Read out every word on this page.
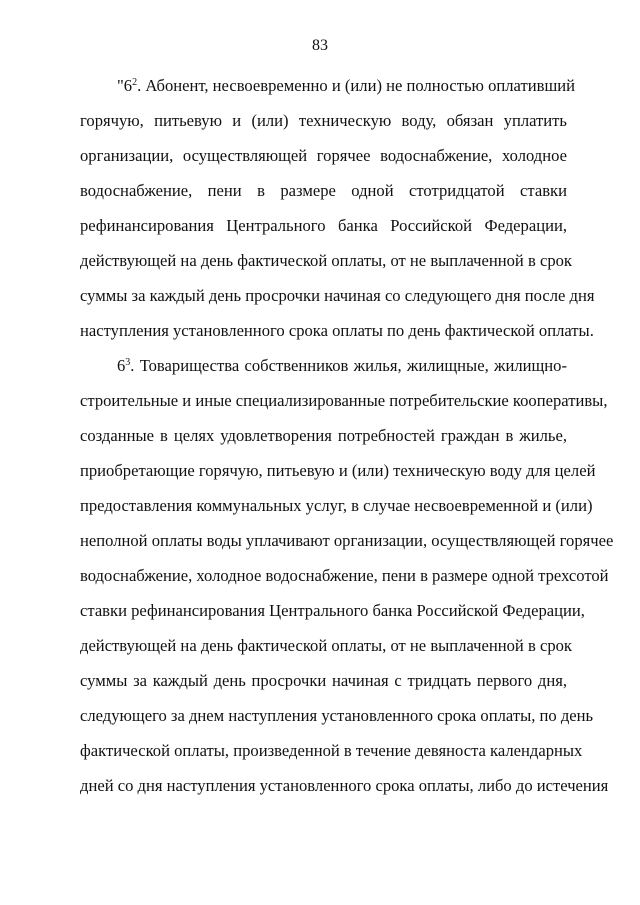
83
"$6^2$. Абонент, несвоевременно и (или) не полностью оплативший
горячую, питьевую и (или) техническую воду, обязан уплатить
организации, осуществляющей горячее водоснабжение, холодное
водоснабжение, пени в размере одной стотридцатой ставки
рефинансирования Центрального банка Российской Федерации,
действующей на день фактической оплаты, от не выплаченной в срок
суммы за каждый день просрочки начиная со следующего дня после дня
наступления установленного срока оплаты по день фактической оплаты.
$6^3$. Товарищества собственников жилья, жилищные, жилищно-
строительные и иные специализированные потребительские кооперативы,
созданные в целях удовлетворения потребностей граждан в жилье,
приобретающие горячую, питьевую и (или) техническую воду для целей
предоставления коммунальных услуг, в случае несвоевременной и (или)
неполной оплаты воды уплачивают организации, осуществляющей горячее
водоснабжение, холодное водоснабжение, пени в размере одной трехсотой
ставки рефинансирования Центрального банка Российской Федерации,
действующей на день фактической оплаты, от не выплаченной в срок
суммы за каждый день просрочки начиная с тридцать первого дня,
следующего за днем наступления установленного срока оплаты, по день
фактической оплаты, произведенной в течение девяноста календарных
дней со дня наступления установленного срока оплаты, либо до истечения
